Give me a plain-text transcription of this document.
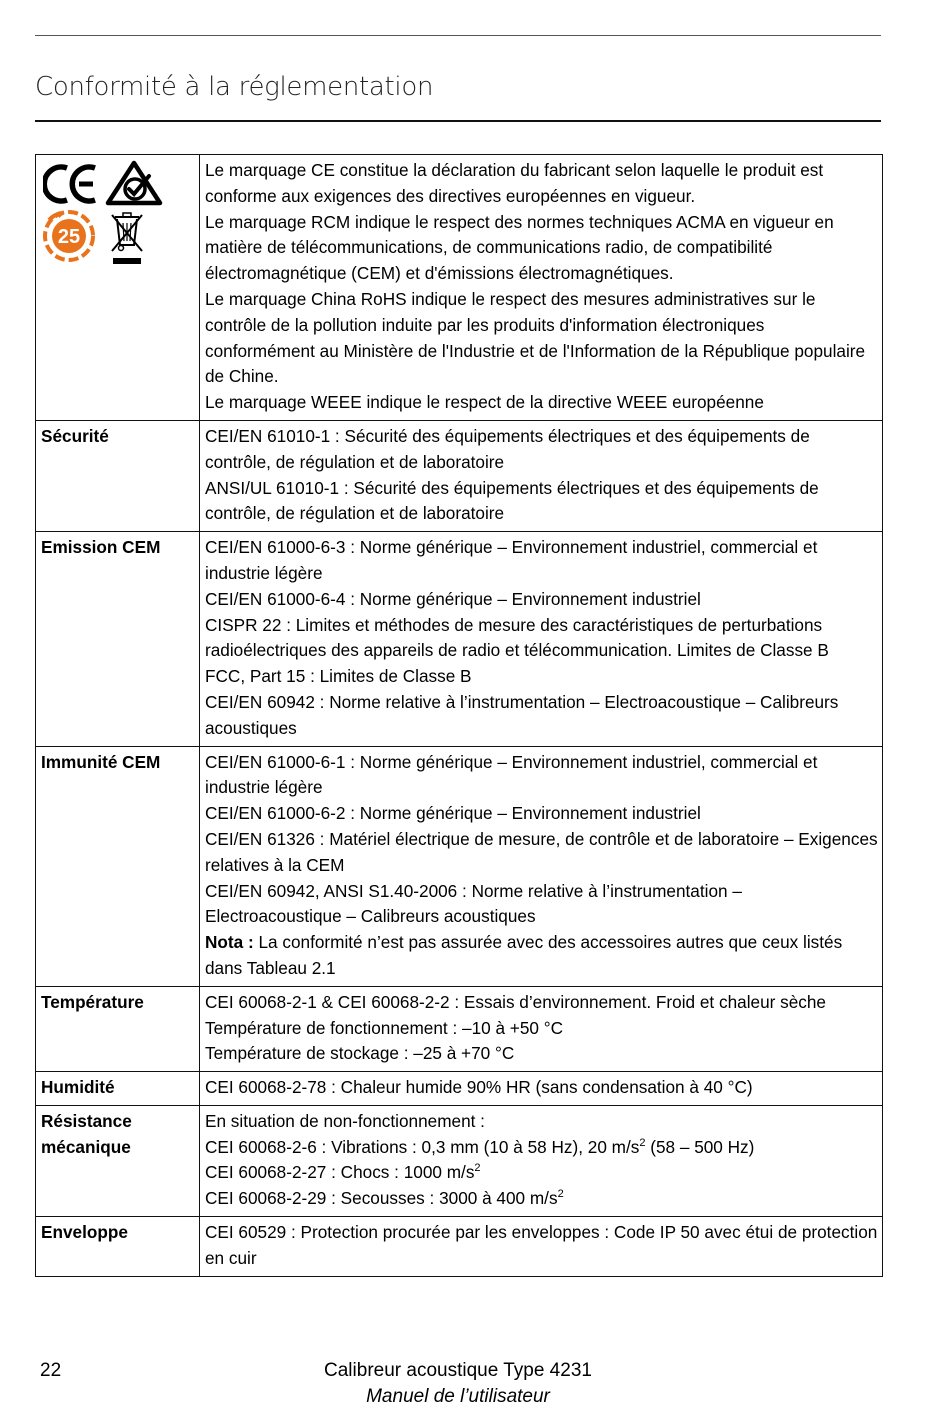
Conformité à la réglementation
25	Le marquage CE constitue la déclaration du fabricant selon laquelle le produit est conforme aux exigences des directives européennes en vigueur.
Le marquage RCM indique le respect des normes techniques ACMA en vigueur en matière de télécommunications, de communications radio, de compatibilité électromagnétique (CEM) et d'émissions électromagnétiques.
Le marquage China RoHS indique le respect des mesures administratives sur le contrôle de la pollution induite par les produits d'information électroniques conformément au Ministère de l'Industrie et de l'Information de la République populaire de Chine.
Le marquage WEEE indique le respect de la directive WEEE européenne

Sécurité	CEI/EN 61010-1 : Sécurité des équipements électriques et des équipements de contrôle, de régulation et de laboratoire
ANSI/UL 61010-1 : Sécurité des équipements électriques et des équipements de contrôle, de régulation et de laboratoire

Emission CEM	CEI/EN 61000-6-3 : Norme générique – Environnement industriel, commercial et industrie légère
CEI/EN 61000-6-4 : Norme générique – Environnement industriel
CISPR 22 : Limites et méthodes de mesure des caractéristiques de perturbations radioélectriques des appareils de radio et télécommunication. Limites de Classe B
FCC, Part 15 : Limites de Classe B
CEI/EN 60942 : Norme relative à l’instrumentation – Electroacoustique – Calibreurs acoustiques

Immunité CEM	CEI/EN 61000-6-1 : Norme générique – Environnement industriel, commercial et industrie légère
CEI/EN 61000-6-2 : Norme générique – Environnement industriel
CEI/EN 61326 : Matériel électrique de mesure, de contrôle et de laboratoire – Exigences relatives à la CEM
CEI/EN 60942, ANSI S1.40-2006 : Norme relative à l’instrumentation – Electroacoustique – Calibreurs acoustiques
Nota : La conformité n’est pas assurée avec des accessoires autres que ceux listés dans Tableau 2.1

Température	CEI 60068-2-1 & CEI 60068-2-2 : Essais d’environnement. Froid et chaleur sèche
Température de fonctionnement : –10 à +50 °C
Température de stockage : –25 à +70 °C

Humidité	CEI 60068-2-78 : Chaleur humide 90% HR (sans condensation à 40 °C)

Résistance mécanique	En situation de non-fonctionnement :
CEI 60068-2-6 : Vibrations : 0,3 mm (10 à 58 Hz), 20 $m/s^2$ (58 – 500 Hz)
CEI 60068-2-27 : Chocs : 1000 $m/s^2$
CEI 60068-2-29 : Secousses : 3000 à 400 $m/s^2$

Enveloppe	CEI 60529 : Protection procurée par les enveloppes : Code IP 50 avec étui de protection en cuir
22	Calibreur acoustique Type 4231
Manuel de l’utilisateur
